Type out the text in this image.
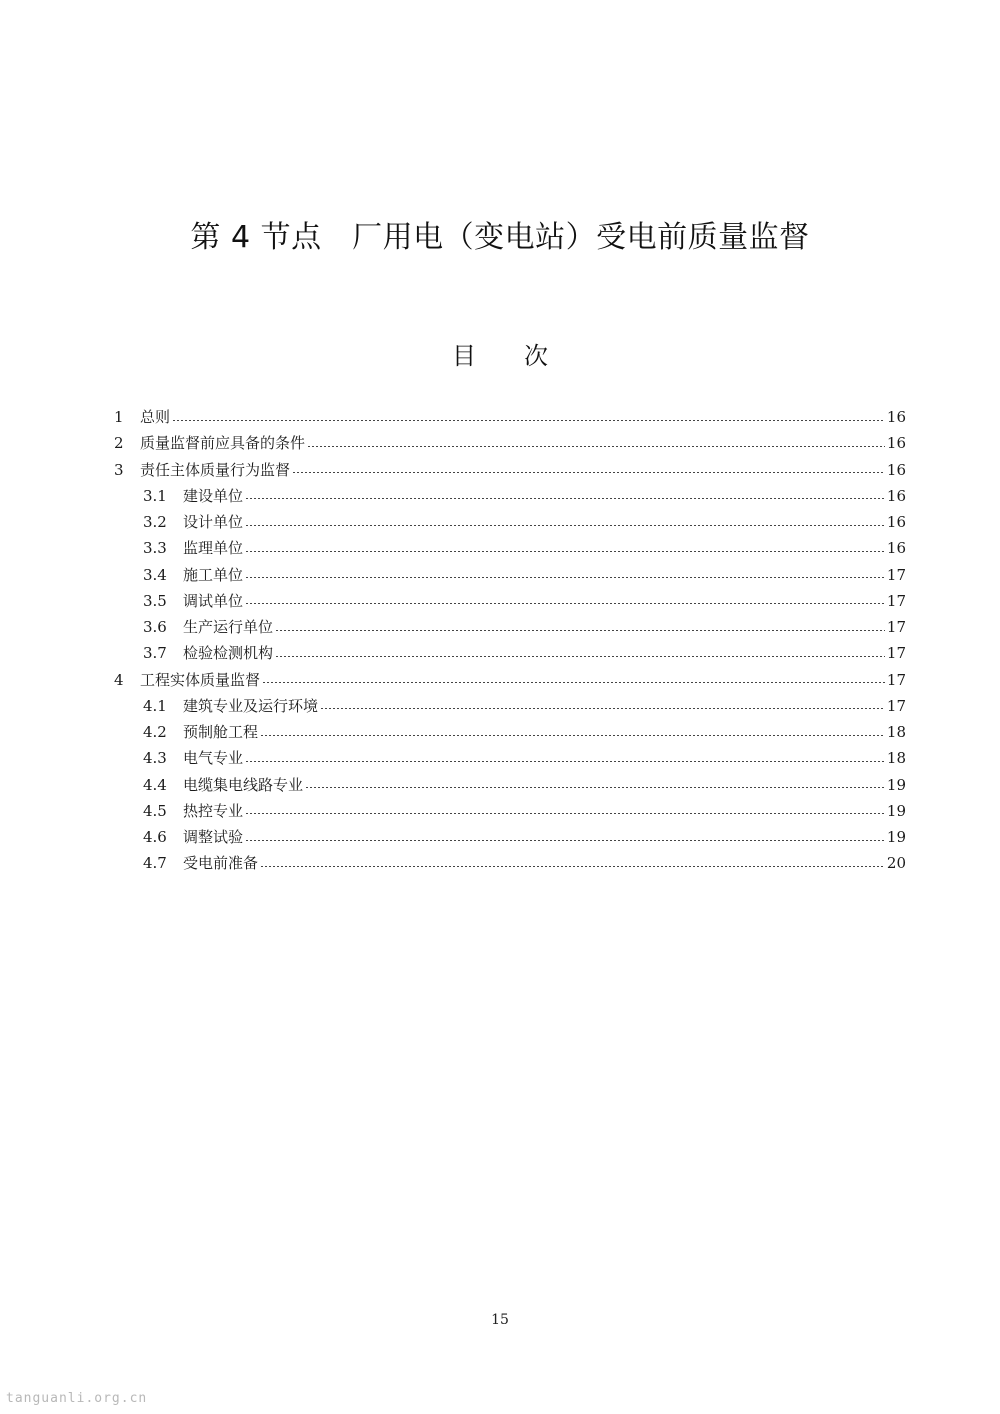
第 4 节点　厂用电（变电站）受电前质量监督
目　　次
1	总则	16
2	质量监督前应具备的条件	16
3	责任主体质量行为监督	16
3.1	建设单位	16
3.2	设计单位	16
3.3	监理单位	16
3.4	施工单位	17
3.5	调试单位	17
3.6	生产运行单位	17
3.7	检验检测机构	17
4	工程实体质量监督	17
4.1	建筑专业及运行环境	17
4.2	预制舱工程	18
4.3	电气专业	18
4.4	电缆集电线路专业	19
4.5	热控专业	19
4.6	调整试验	19
4.7	受电前准备	20
15
tanguanli.org.cn
